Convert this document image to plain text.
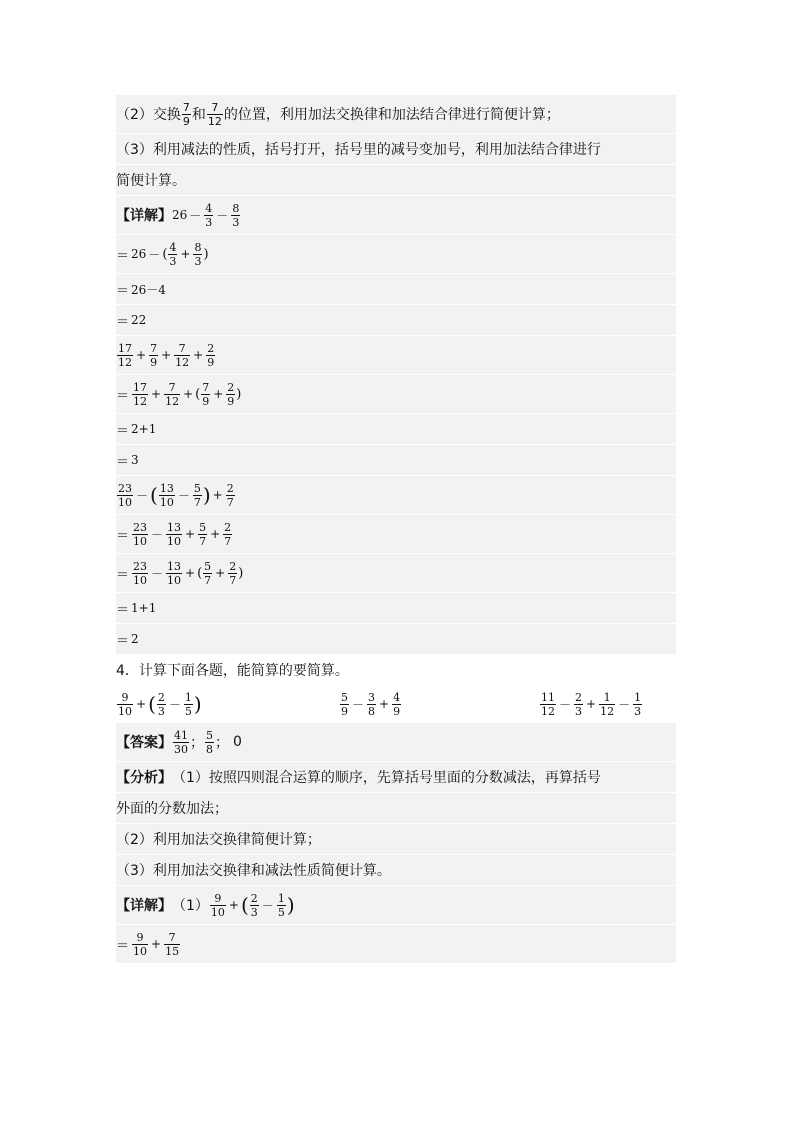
（2）交换 $\frac{7}{9}$ 和 $\frac{7}{12}$ 的位置，利用加法交换律和加法结合律进行简便计算；
（3）利用减法的性质，括号打开，括号里的减号变加号，利用加法结合律进行
简便计算。
【详解】 $26 - \frac{4}{3} - \frac{8}{3}$
＝ 26 － ( $\frac{4}{3} + \frac{8}{3}$ )
＝ 26－4
＝ 22
$\frac{17}{12} + \frac{7}{9} + \frac{7}{12} + \frac{2}{9}$
＝ $\frac{17}{12} + \frac{7}{12}$ + ( $\frac{7}{9} + \frac{2}{9}$ )
＝ 2+1
＝ 3
$\frac{23}{10}$ － ( $\frac{13}{10} - \frac{5}{7}$ ) + $\frac{2}{7}$
＝ $\frac{23}{10} - \frac{13}{10} + \frac{5}{7} + \frac{2}{7}$
＝ $\frac{23}{10} - \frac{13}{10}$ + ( $\frac{5}{7} + \frac{2}{7}$ )
＝ 1+1
＝ 2
4．计算下面各题，能简算的要简算。
$\frac{9}{10}$ + ( $\frac{2}{3} - \frac{1}{5}$ )	$\frac{5}{9} - \frac{3}{8} + \frac{4}{9}$	$\frac{11}{12} - \frac{2}{3} + \frac{1}{12} - \frac{1}{3}$
【答案】 $\frac{41}{30}$ ； $\frac{5}{8}$ ； 0
【分析】 （1）按照四则混合运算的顺序，先算括号里面的分数减法，再算括号
外面的分数加法；
（2）利用加法交换律简便计算；
（3）利用加法交换律和减法性质简便计算。
【详解】 $(1) \frac{9}{10}$ + ( $\frac{2}{3} - \frac{1}{5}$ )
＝ $\frac{9}{10} + \frac{7}{15}$
